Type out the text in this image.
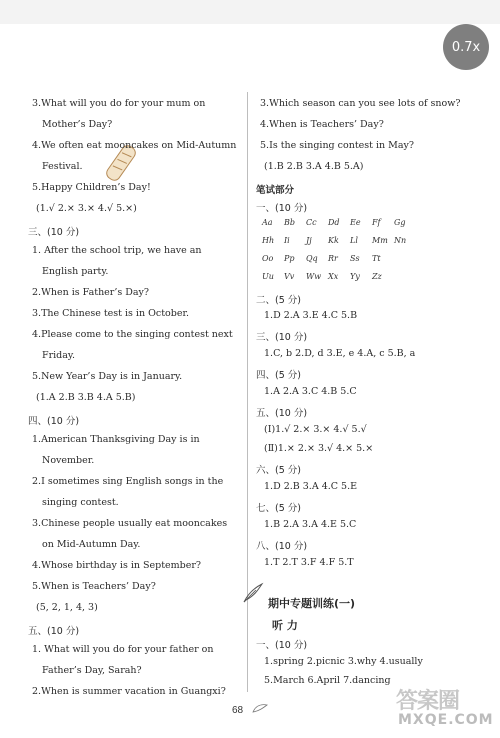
0.7x
3.What will you do for your mum on
Mother’s Day?
4.We often eat mooncakes on Mid-Autumn
Festival.
5.Happy Children’s Day!
(1.√ 2.× 3.× 4.√ 5.×)
三、(10 分)
1. After the school trip, we have an
English party.
2.When is Father’s Day?
3.The Chinese test is in October.
4.Please come to the singing contest next
Friday.
5.New Year’s Day is in January.
(1.A 2.B 3.B 4.A 5.B)
四、(10 分)
1.American Thanksgiving Day is in
November.
2.I sometimes sing English songs in the
singing contest.
3.Chinese people usually eat mooncakes
on Mid-Autumn Day.
4.Whose birthday is in September?
5.When is Teachers’ Day?
(5, 2, 1, 4, 3)
五、(10 分)
1. What will you do for your father on
Father’s Day, Sarah?
2.When is summer vacation in Guangxi?
3.Which season can you see lots of snow?
4.When is Teachers’ Day?
5.Is the singing contest in May?
(1.B 2.B 3.A 4.B 5.A)
笔试部分
一、(10 分)
Aa Bb Cc Dd Ee Ff Gg
Hh Ii Jj Kk Ll Mm Nn
Oo Pp Qq Rr Ss Tt
Uu Vv Ww Xx Yy Zz
二、(5 分)
1.D 2.A 3.E 4.C 5.B
三、(10 分)
1.C, b 2.D, d 3.E, e 4.A, c 5.B, a
四、(5 分)
1.A 2.A 3.C 4.B 5.C
五、(10 分)
(Ⅰ)1.√ 2.× 3.× 4.√ 5.√
(Ⅱ)1.× 2.× 3.√ 4.× 5.×
六、(5 分)
1.D 2.B 3.A 4.C 5.E
七、(5 分)
1.B 2.A 3.A 4.E 5.C
八、(10 分)
1.T 2.T 3.F 4.F 5.T
期中专题训练(一)
听 力
一、(10 分)
1.spring 2.picnic 3.why 4.usually
5.March 6.April 7.dancing
68	答案圈
MXQE.COM
